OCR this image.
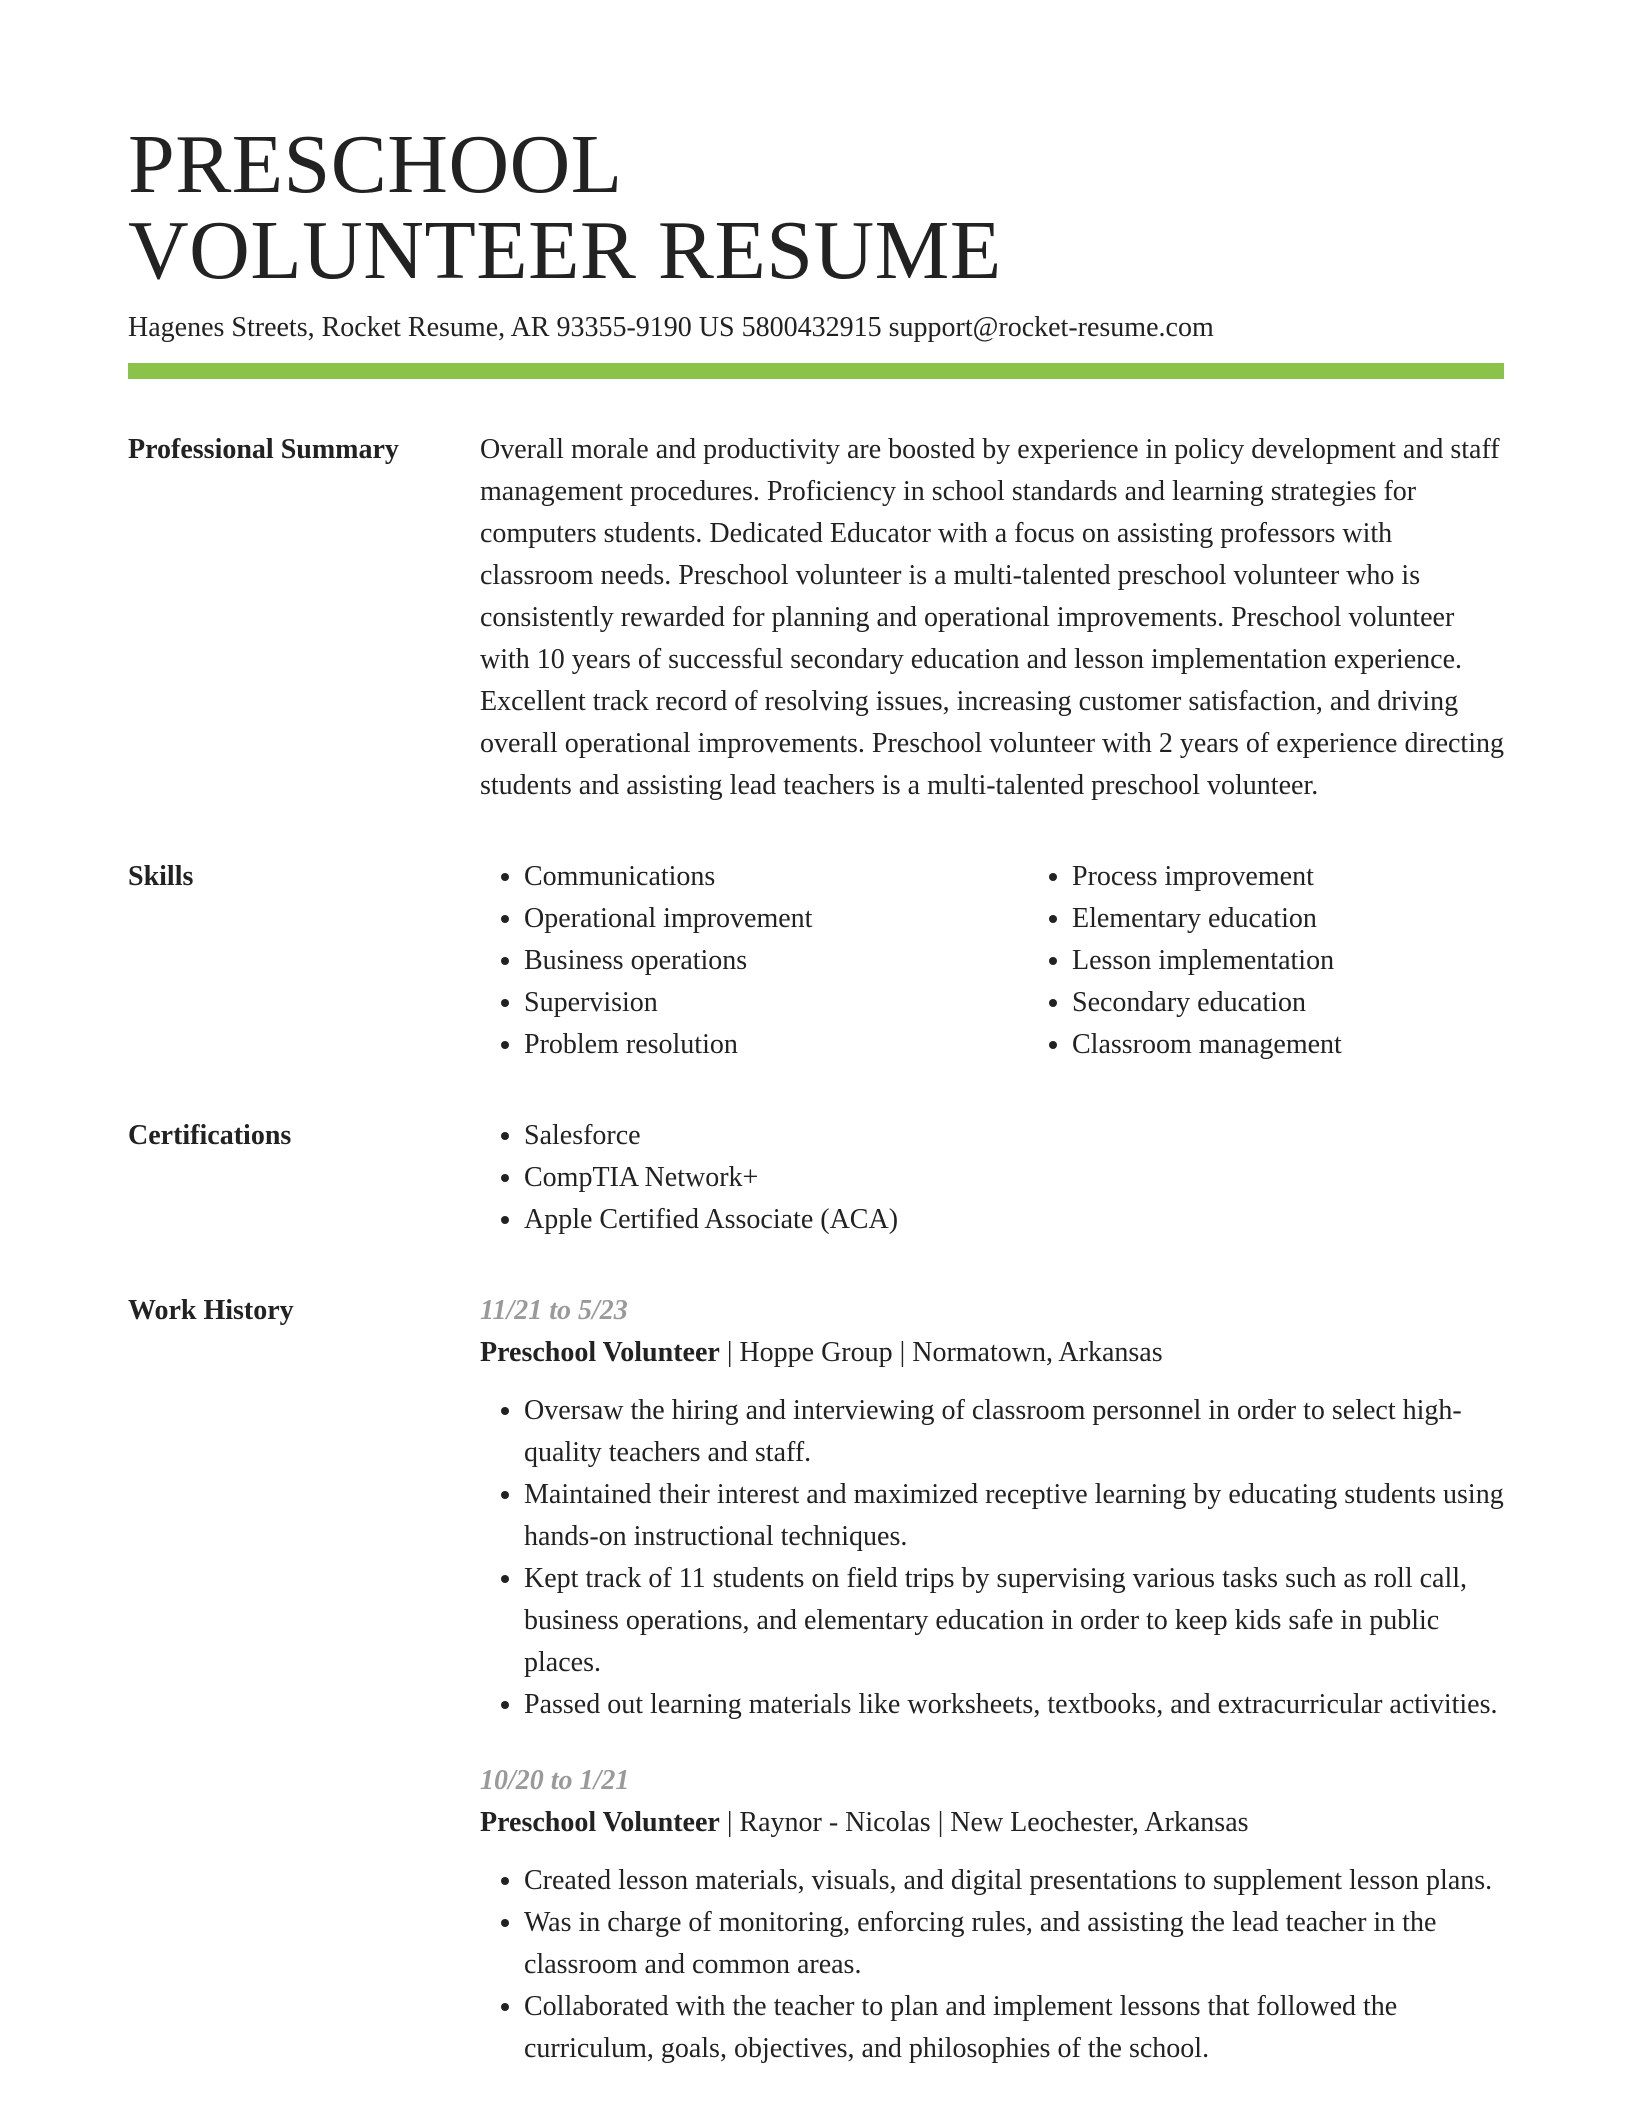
PRESCHOOL
VOLUNTEER RESUME
Hagenes Streets, Rocket Resume, AR 93355-9190 US 5800432915 support@rocket-resume.com
Professional Summary	Overall morale and productivity are boosted by experience in policy development and staff management procedures. Proficiency in school standards and learning strategies for computers students. Dedicated Educator with a focus on assisting professors with classroom needs. Preschool volunteer is a multi-talented preschool volunteer who is consistently rewarded for planning and operational improvements. Preschool volunteer with 10 years of successful secondary education and lesson implementation experience. Excellent track record of resolving issues, increasing customer satisfaction, and driving overall operational improvements. Preschool volunteer with 2 years of experience directing students and assisting lead teachers is a multi-talented preschool volunteer.

Skills	• Communications
• Operational improvement
• Business operations
• Supervision
• Problem resolution
• Process improvement
• Elementary education
• Lesson implementation
• Secondary education
• Classroom management
Certifications	• Salesforce
• CompTIA Network+
• Apple Certified Associate (ACA)
Work History	11/21 to 5/23
Preschool Volunteer | Hoppe Group | Normatown, Arkansas
• Oversaw the hiring and interviewing of classroom personnel in order to select high-quality teachers and staff.
• Maintained their interest and maximized receptive learning by educating students using hands-on instructional techniques.
• Kept track of 11 students on field trips by supervising various tasks such as roll call, business operations, and elementary education in order to keep kids safe in public places.
• Passed out learning materials like worksheets, textbooks, and extracurricular activities.
10/20 to 1/21
Preschool Volunteer | Raynor - Nicolas | New Leochester, Arkansas
• Created lesson materials, visuals, and digital presentations to supplement lesson plans.
• Was in charge of monitoring, enforcing rules, and assisting the lead teacher in the classroom and common areas.
• Collaborated with the teacher to plan and implement lessons that followed the curriculum, goals, objectives, and philosophies of the school.
